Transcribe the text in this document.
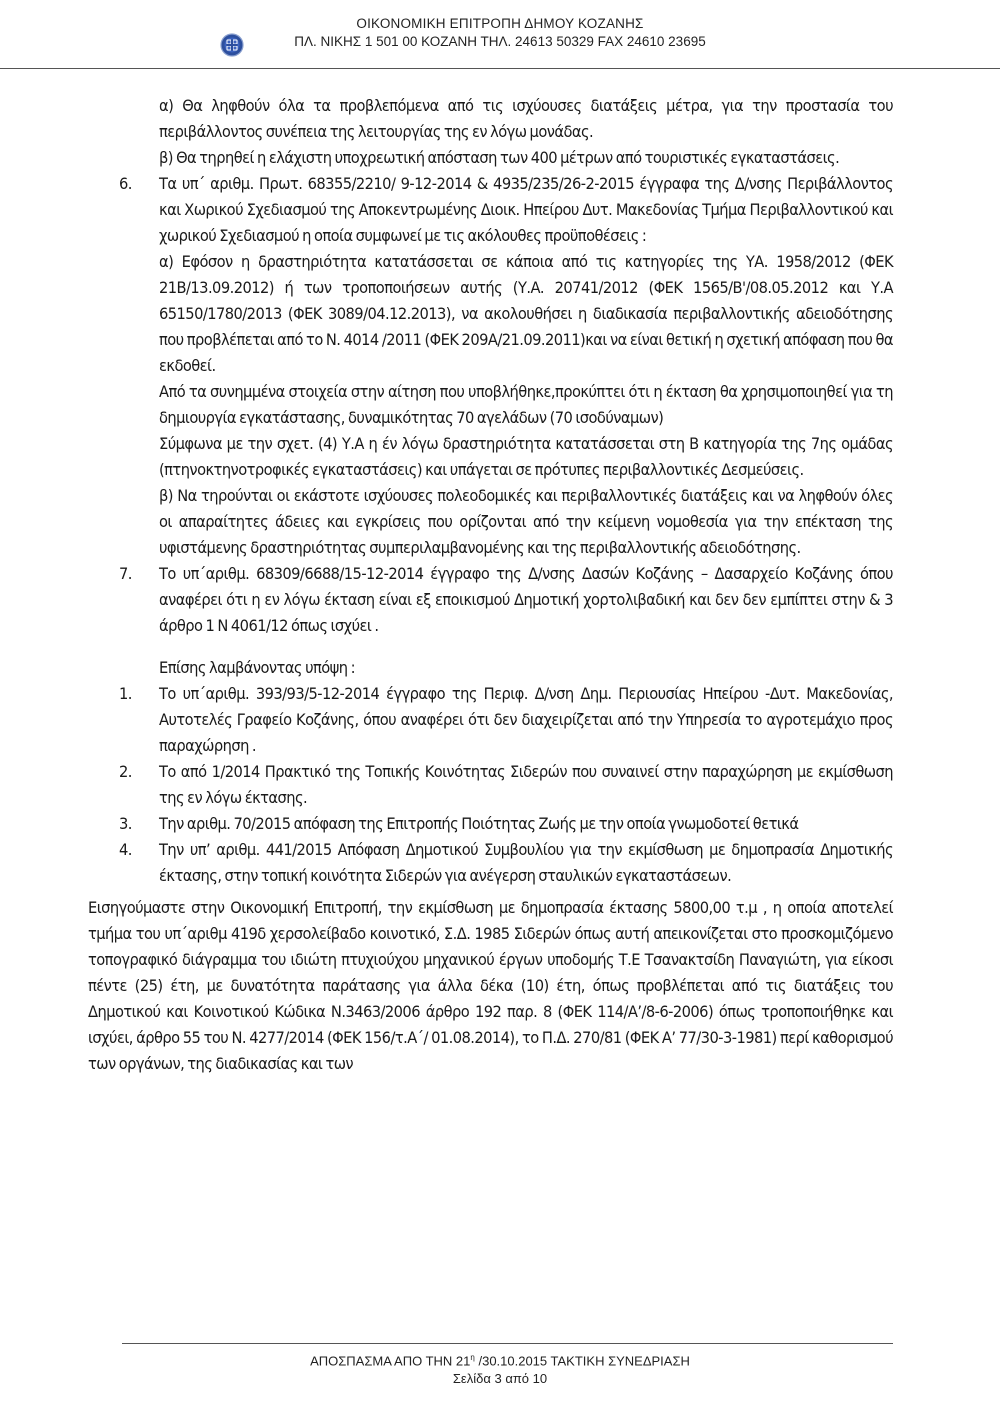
ΟΙΚΟΝΟΜΙΚΗ ΕΠΙΤΡΟΠΗ ΔΗΜΟΥ ΚΟΖΑΝΗΣ
ΠΛ. ΝΙΚΗΣ 1 501 00 ΚΟΖΑΝΗ ΤΗΛ. 24613 50329 FAX 24610 23695

α) Θα ληφθούν όλα τα προβλεπόμενα από τις ισχύουσες διατάξεις μέτρα, για την προστασία του περιβάλλοντος συνέπεια της λειτουργίας της εν λόγω μονάδας.

β) Θα τηρηθεί η ελάχιστη υποχρεωτική απόσταση των 400 μέτρων από τουριστικές εγκαταστάσεις.

6.	Τα υπ΄ αριθμ. Πρωτ. 68355/2210/ 9-12-2014 & 4935/235/26-2-2015 έγγραφα της Δ/νσης Περιβάλλοντος και Χωρικού Σχεδιασμού της Αποκεντρωμένης Διοικ. Ηπείρου Δυτ. Μακεδονίας Τμήμα Περιβαλλοντικού και χωρικού Σχεδιασμού η οποία συμφωνεί με τις ακόλουθες προϋποθέσεις :

α) Εφόσον η δραστηριότητα κατατάσσεται σε κάποια από τις κατηγορίες της ΥΑ. 1958/2012 (ΦΕΚ 21Β/13.09.2012) ή των τροποποιήσεων αυτής (Υ.Α. 20741/2012 (ΦΕΚ 1565/Β'/08.05.2012 και Υ.Α 65150/1780/2013 (ΦΕΚ 3089/04.12.2013), να ακολουθήσει η διαδικασία περιβαλλοντικής αδειοδότησης που προβλέπεται από το Ν. 4014 /2011 (ΦΕΚ 209Α/21.09.2011)και να είναι θετική η σχετική απόφαση που θα εκδοθεί.

Από τα συνημμένα στοιχεία στην αίτηση που υποβλήθηκε,προκύπτει ότι η έκταση θα χρησιμοποιηθεί για τη δημιουργία εγκατάστασης, δυναμικότητας 70 αγελάδων (70 ισοδύναμων)

Σύμφωνα με την σχετ. (4) Υ.Α η έν λόγω δραστηριότητα κατατάσσεται στη Β κατηγορία της 7ης ομάδας (πτηνοκτηνοτροφικές εγκαταστάσεις) και υπάγεται σε πρότυπες περιβαλλοντικές Δεσμεύσεις.

β) Να τηρούνται οι εκάστοτε ισχύουσες πολεοδομικές και περιβαλλοντικές διατάξεις και να ληφθούν όλες οι απαραίτητες άδειες και εγκρίσεις που ορίζονται από την κείμενη νομοθεσία για την επέκταση της υφιστάμενης δραστηριότητας συμπεριλαμβανομένης και της περιβαλλοντικής αδειοδότησης.

7.	Το υπ΄αριθμ. 68309/6688/15-12-2014 έγγραφο της Δ/νσης Δασών Κοζάνης – Δασαρχείο Κοζάνης όπου αναφέρει ότι η εν λόγω έκταση είναι εξ εποικισμού Δημοτική χορτολιβαδική και δεν δεν εμπίπτει στην & 3 άρθρο 1 Ν 4061/12 όπως ισχύει .

Επίσης λαμβάνοντας υπόψη :

1.	Το υπ΄αριθμ. 393/93/5-12-2014 έγγραφο της Περιφ. Δ/νση Δημ. Περιουσίας Ηπείρου -Δυτ. Μακεδονίας, Αυτοτελές Γραφείο Κοζάνης, όπου αναφέρει ότι δεν διαχειρίζεται από την Υπηρεσία το αγροτεμάχιο προς παραχώρηση .

2.	Το από 1/2014 Πρακτικό της Τοπικής Κοινότητας Σιδερών που συναινεί στην παραχώρηση με εκμίσθωση της εν λόγω έκτασης.

3.	Την αριθμ. 70/2015 απόφαση της Επιτροπής Ποιότητας Ζωής με την οποία γνωμοδοτεί θετικά

4.	Την υπ’ αριθμ. 441/2015 Απόφαση Δημοτικού Συμβουλίου για την εκμίσθωση με δημοπρασία Δημοτικής έκτασης, στην τοπική κοινότητα Σιδερών για ανέγερση σταυλικών εγκαταστάσεων.

Εισηγούμαστε στην Οικονομική Επιτροπή, την εκμίσθωση με δημοπρασία έκτασης 5800,00 τ.μ , η οποία αποτελεί τμήμα του υπ΄αριθμ 419δ χερσολείβαδο κοινοτικό, Σ.Δ. 1985 Σιδερών όπως αυτή απεικονίζεται στο προσκομιζόμενο τοπογραφικό διάγραμμα του ιδιώτη πτυχιούχου μηχανικού έργων υποδομής Τ.Ε Τσανακτσίδη Παναγιώτη, για είκοσι πέντε (25) έτη, με δυνατότητα παράτασης για άλλα δέκα (10) έτη, όπως προβλέπεται από τις διατάξεις του Δημοτικού και Κοινοτικού Κώδικα Ν.3463/2006 άρθρο 192 παρ. 8 (ΦΕΚ 114/Α’/8-6-2006) όπως τροποποιήθηκε και ισχύει, άρθρο 55 του Ν. 4277/2014 (ΦΕΚ 156/τ.Α΄/ 01.08.2014), το Π.Δ. 270/81 (ΦΕΚ Α’ 77/30-3-1981) περί καθορισμού των οργάνων, της διαδικασίας και των

ΑΠΟΣΠΑΣΜΑ ΑΠΟ ΤΗΝ $21^\eta$ /30.10.2015 ΤΑΚΤΙΚΗ ΣΥΝΕΔΡΙΑΣΗ
Σελίδα 3 από 10
